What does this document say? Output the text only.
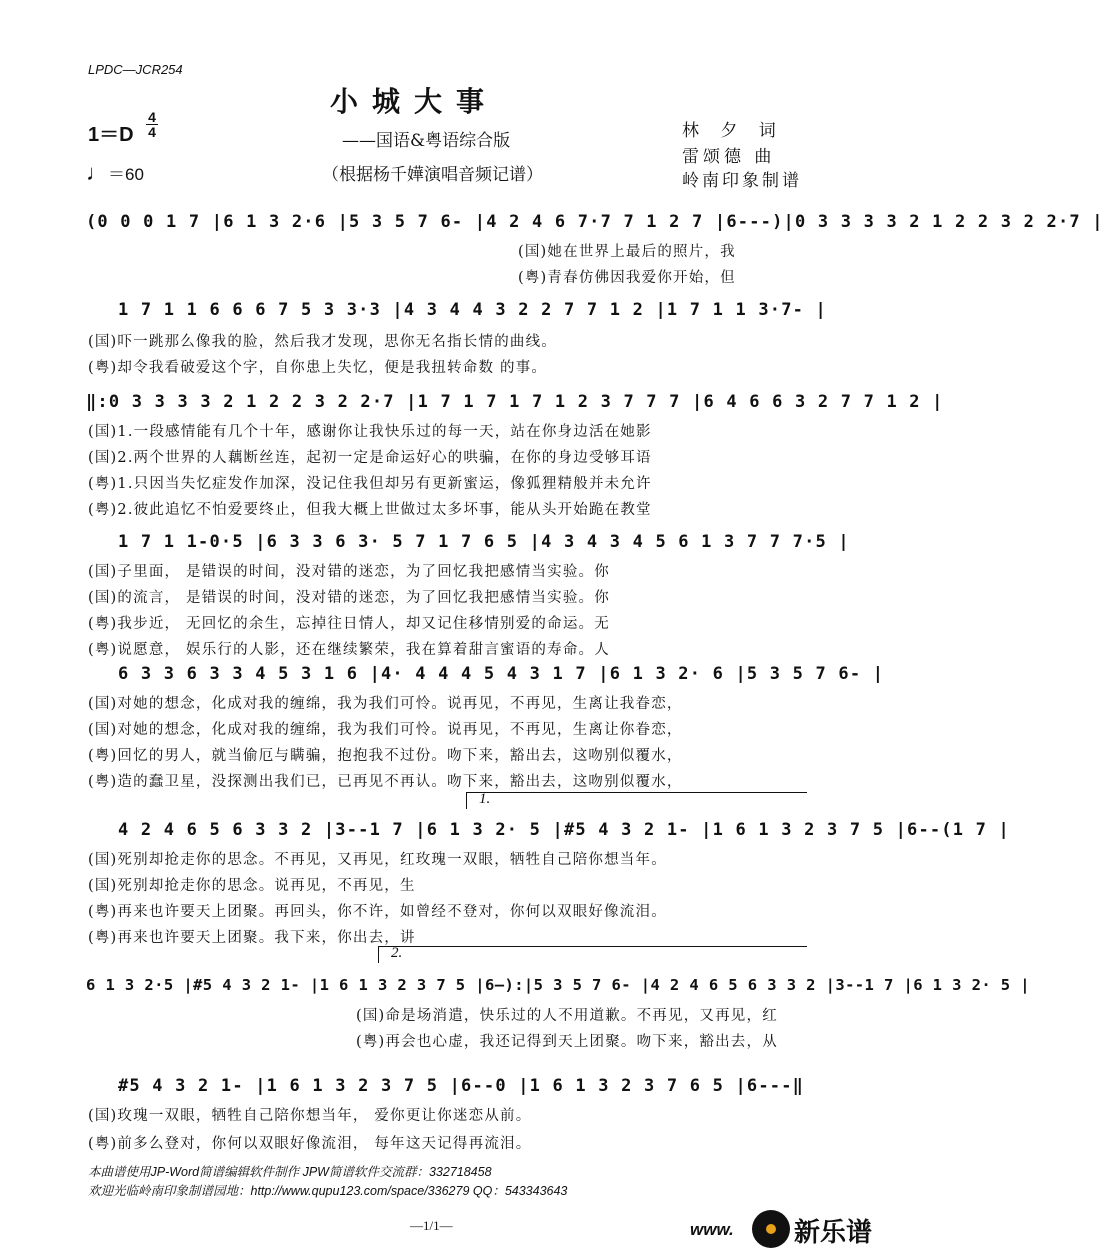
LPDC—JCR254
小城大事
——国语&粤语综合版
（根据杨千嬅演唱音频记谱）
1＝D
4
4
♩＝60
林 夕 词
雷颂德 曲
岭南印象制谱
(0 0 0 1 7 |6 1 3 2·6 |5 3 5 7 6- |4 2 4 6 7·7 7 1 2 7 |6---)|0 3 3 3 3 2 1 2 2 3 2 2·7 |
(国)她在世界上最后的照片，我
(粤)青春仿佛因我爱你开始，但
1 7 1 1 6 6 6 7 5 3 3·3 |4 3 4 4 3 2 2 7 7 1 2 |1 7 1 1 3·7- |
(国)吓一跳那么像我的脸，然后我才发现，思你无名指长情的曲线。
(粤)却令我看破爱这个字，自你患上失忆，便是我扭转命数 的事。
‖:0 3 3 3 3 2 1 2 2 3 2 2·7 |1 7 1 7 1 7 1 2 3 7 7 7 |6 4 6 6 3 2 7 7 1 2 |
(国)1.一段感情能有几个十年，感谢你让我快乐过的每一天，站在你身边活在她影
(国)2.两个世界的人藕断丝连，起初一定是命运好心的哄骗，在你的身边受够耳语
(粤)1.只因当失忆症发作加深，没记住我但却另有更新蜜运，像狐狸精般并未允许
(粤)2.彼此追忆不怕爱要终止，但我大概上世做过太多坏事，能从头开始跪在教堂
1 7 1 1-0·5 |6 3 3 6 3· 5 7 1 7 6 5 |4 3 4 3 4 5 6 1 3 7 7 7·5 |
(国)子里面， 是错误的时间，没对错的迷恋，为了回忆我把感情当实验。你
(国)的流言， 是错误的时间，没对错的迷恋，为了回忆我把感情当实验。你
(粤)我步近， 无回忆的余生，忘掉往日情人，却又记住移情别爱的命运。无
(粤)说愿意， 娱乐行的人影，还在继续繁荣，我在算着甜言蜜语的寿命。人
6 3 3 6 3 3 4 5 3 1 6 |4· 4 4 4 5 4 3 1 7 |6 1 3 2· 6 |5 3 5 7 6- |
(国)对她的想念，化成对我的缠绵，我为我们可怜。说再见，不再见，生离让我眷恋，
(国)对她的想念，化成对我的缠绵，我为我们可怜。说再见，不再见，生离让你眷恋，
(粤)回忆的男人，就当偷厄与瞒骗，抱抱我不过份。吻下来，豁出去，这吻别似覆水，
(粤)造的蠢卫星，没探测出我们已，已再见不再认。吻下来，豁出去，这吻别似覆水，
1.
4 2 4 6 5 6 3 3 2 |3--1 7 |6 1 3 2· 5 |#5 4 3 2 1- |1 6 1 3 2 3 7 5 |6--(1 7 |
(国)死别却抢走你的思念。不再见，又再见，红玫瑰一双眼，牺牲自己陪你想当年。
(国)死别却抢走你的思念。说再见，不再见，生
(粤)再来也许要天上团聚。再回头，你不许，如曾经不登对，你何以双眼好像流泪。
(粤)再来也许要天上团聚。我下来，你出去，讲
2.
6 1 3 2·5 |#5 4 3 2 1- |1 6 1 3 2 3 7 5 |6—):|5 3 5 7 6- |4 2 4 6 5 6 3 3 2 |3--1 7 |6 1 3 2· 5 |
(国)命是场消遣，快乐过的人不用道歉。不再见，又再见，红
(粤)再会也心虚，我还记得到天上团聚。吻下来，豁出去，从
#5 4 3 2 1- |1 6 1 3 2 3 7 5 |6--0 |1 6 1 3 2 3 7 6 5 |6---‖
(国)玫瑰一双眼，牺牲自己陪你想当年， 爱你更让你迷恋从前。
(粤)前多么登对，你何以双眼好像流泪， 每年这天记得再流泪。
本曲谱使用JP-Word简谱编辑软件制作 JPW简谱软件交流群：332718458
欢迎光临岭南印象制谱园地：http://www.qupu123.com/space/336279 QQ：543343643
—1/1—	www. 新乐谱
